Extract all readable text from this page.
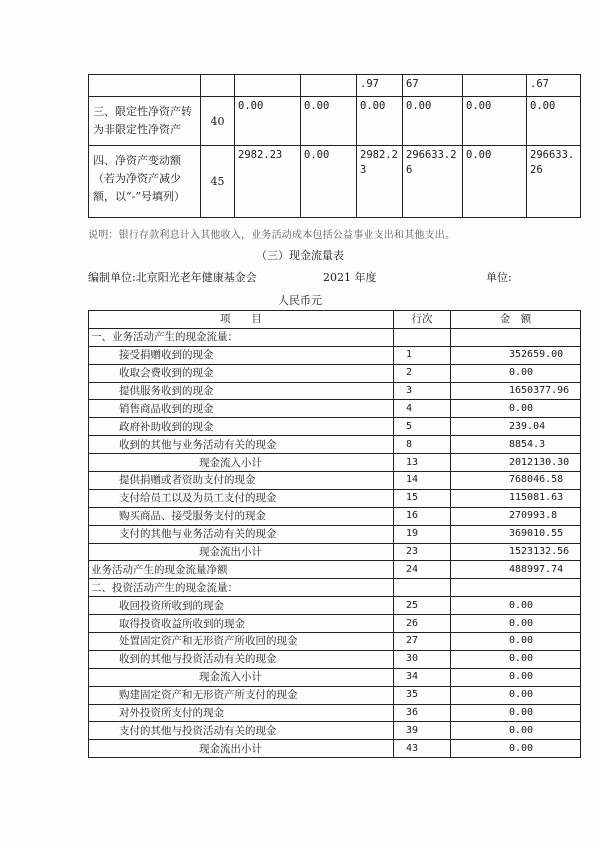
				.97	67		.67
三、限定性净资产转为非限定性净资产	40	0.00	0.00	0.00	0.00	0.00	0.00
四、净资产变动额（若为净资产减少额，以“-”号填列）	45	2982.23	0.00	2982.23	296633.26	0.00	296633.26
说明：银行存款利息计入其他收入，业务活动成本包括公益事业支出和其他支出。
（三）现金流量表
编制单位:北京阳光老年健康基金会	2021 年度	单位:
人民币元
项　　目	行次	金　额
一、业务活动产生的现金流量：		
接受捐赠收到的现金	1	352659.00
收取会费收到的现金	2	0.00
提供服务收到的现金	3	1650377.96
销售商品收到的现金	4	0.00
政府补助收到的现金	5	239.04
收到的其他与业务活动有关的现金	8	8854.3
现金流入小计	13	2012130.30
提供捐赠或者资助支付的现金	14	768046.58
支付给员工以及为员工支付的现金	15	115081.63
购买商品、接受服务支付的现金	16	270993.8
支付的其他与业务活动有关的现金	19	369010.55
现金流出小计	23	1523132.56
业务活动产生的现金流量净额	24	488997.74
二、投资活动产生的现金流量：		
收回投资所收到的现金	25	0.00
取得投资收益所收到的现金	26	0.00
处置固定资产和无形资产所收回的现金	27	0.00
收到的其他与投资活动有关的现金	30	0.00
现金流入小计	34	0.00
购建固定资产和无形资产所支付的现金	35	0.00
对外投资所支付的现金	36	0.00
支付的其他与投资活动有关的现金	39	0.00
现金流出小计	43	0.00
